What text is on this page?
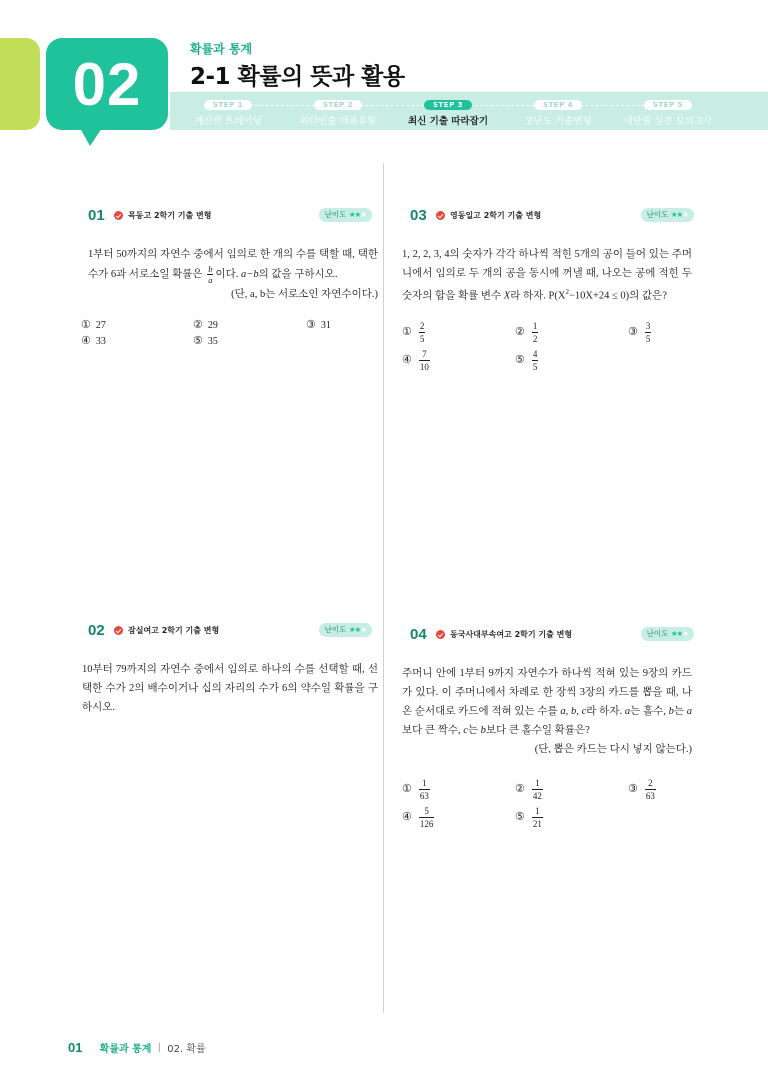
02
확률과 통계
2-1 확률의 뜻과 활용
STEP 1
계산력 트레이닝
STEP 2
최다빈출 대표유형
STEP 3
최신 기출 따라잡기
STEP 4
고난도 기출변형
STEP 5
대단원 실전 모의고사
01	목동고 2학기 기출 변형	난이도 ★★★
1부터 50까지의 자연수 중에서 임의로 한 개의 수를 택할 때, 택한 수가 6과 서로소일 확률은 $\frac{b}{a}$ 이다. a−b의 값을 구하시오.
(단, a, b는 서로소인 자연수이다.)
① 27	② 29	③ 31
④ 33	⑤ 35
03	영동일고 2학기 기출 변형	난이도 ★★★
1, 2, 2, 3, 4의 숫자가 각각 하나씩 적힌 5개의 공이 들어 있는 주머니에서 임의로 두 개의 공을 동시에 꺼낼 때, 나오는 공에 적힌 두 숫자의 합을 확률 변수 X라 하자. $P(X^2-10X+24 \le 0)$의 값은?
① $\frac{2}{5}$	② $\frac{1}{2}$	③ $\frac{3}{5}$
④ $\frac{7}{10}$	⑤ $\frac{4}{5}$
02	잠실여고 2학기 기출 변형	난이도 ★★★
10부터 79까지의 자연수 중에서 임의로 하나의 수를 선택할 때, 선택한 수가 2의 배수이거나 십의 자리의 수가 6의 약수일 확률을 구하시오.
04	동국사대부속여고 2학기 기출 변형	난이도 ★★★
주머니 안에 1부터 9까지 자연수가 하나씩 적혀 있는 9장의 카드가 있다. 이 주머니에서 차례로 한 장씩 3장의 카드를 뽑을 때, 나온 순서대로 카드에 적혀 있는 수를 a, b, c라 하자. a는 홀수, b는 a보다 큰 짝수, c는 b보다 큰 홀수일 확률은?
(단, 뽑은 카드는 다시 넣지 않는다.)
① $\frac{1}{63}$	② $\frac{1}{42}$	③ $\frac{2}{63}$
④ $\frac{5}{126}$	⑤ $\frac{1}{21}$
01 확률과 통계 | 02. 확률
